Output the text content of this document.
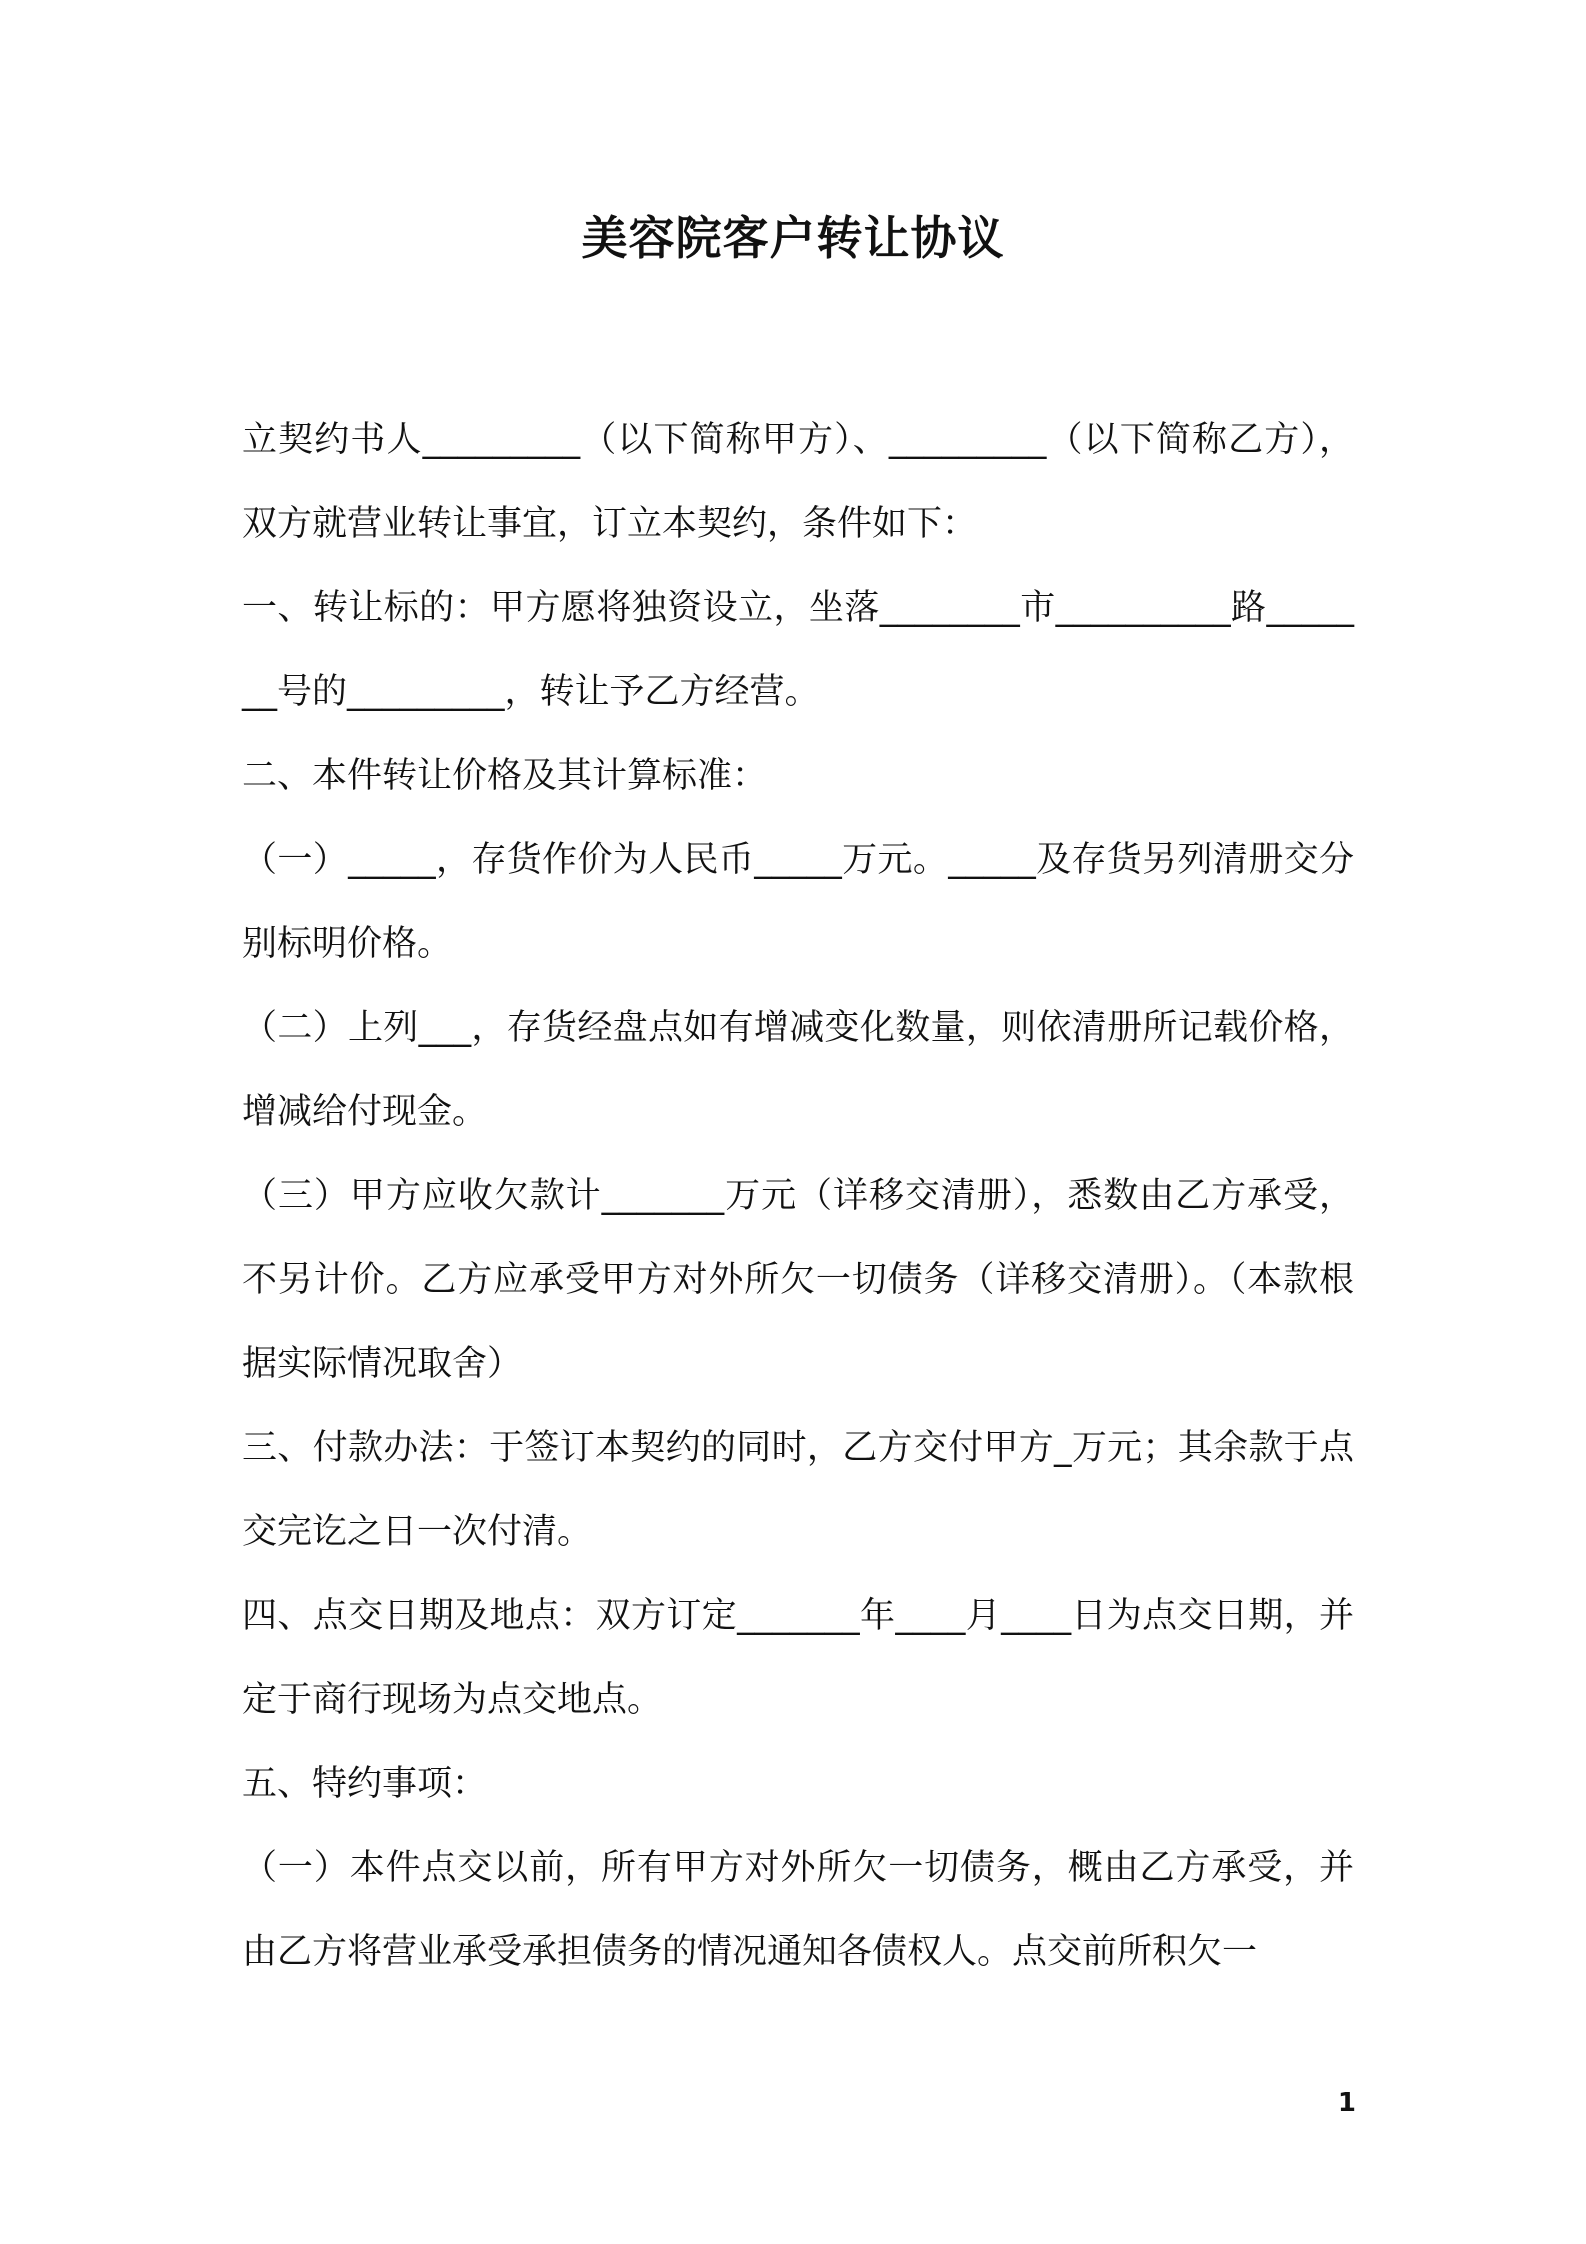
美容院客户转让协议

立契约书人_________（以下简称甲方）、_________（以下简称乙方），双方就营业转让事宜，订立本契约，条件如下：

一、转让标的：甲方愿将独资设立，坐落________市__________路_______号的_________，转让予乙方经营。

二、本件转让价格及其计算标准：

（一）_____，存货作价为人民币_____万元。_____及存货另列清册交分别标明价格。

（二）上列___，存货经盘点如有增减变化数量，则依清册所记载价格，增减给付现金。

（三）甲方应收欠款计_______万元（详移交清册），悉数由乙方承受，不另计价。乙方应承受甲方对外所欠一切债务（详移交清册）。（本款根据实际情况取舍）

三、付款办法：于签订本契约的同时，乙方交付甲方_万元；其余款于点交完讫之日一次付清。

四、点交日期及地点：双方订定_______年____月____日为点交日期，并定于商行现场为点交地点。

五、特约事项：

（一）本件点交以前，所有甲方对外所欠一切债务，概由乙方承受，并由乙方将营业承受承担债务的情况通知各债权人。点交前所积欠一

1
